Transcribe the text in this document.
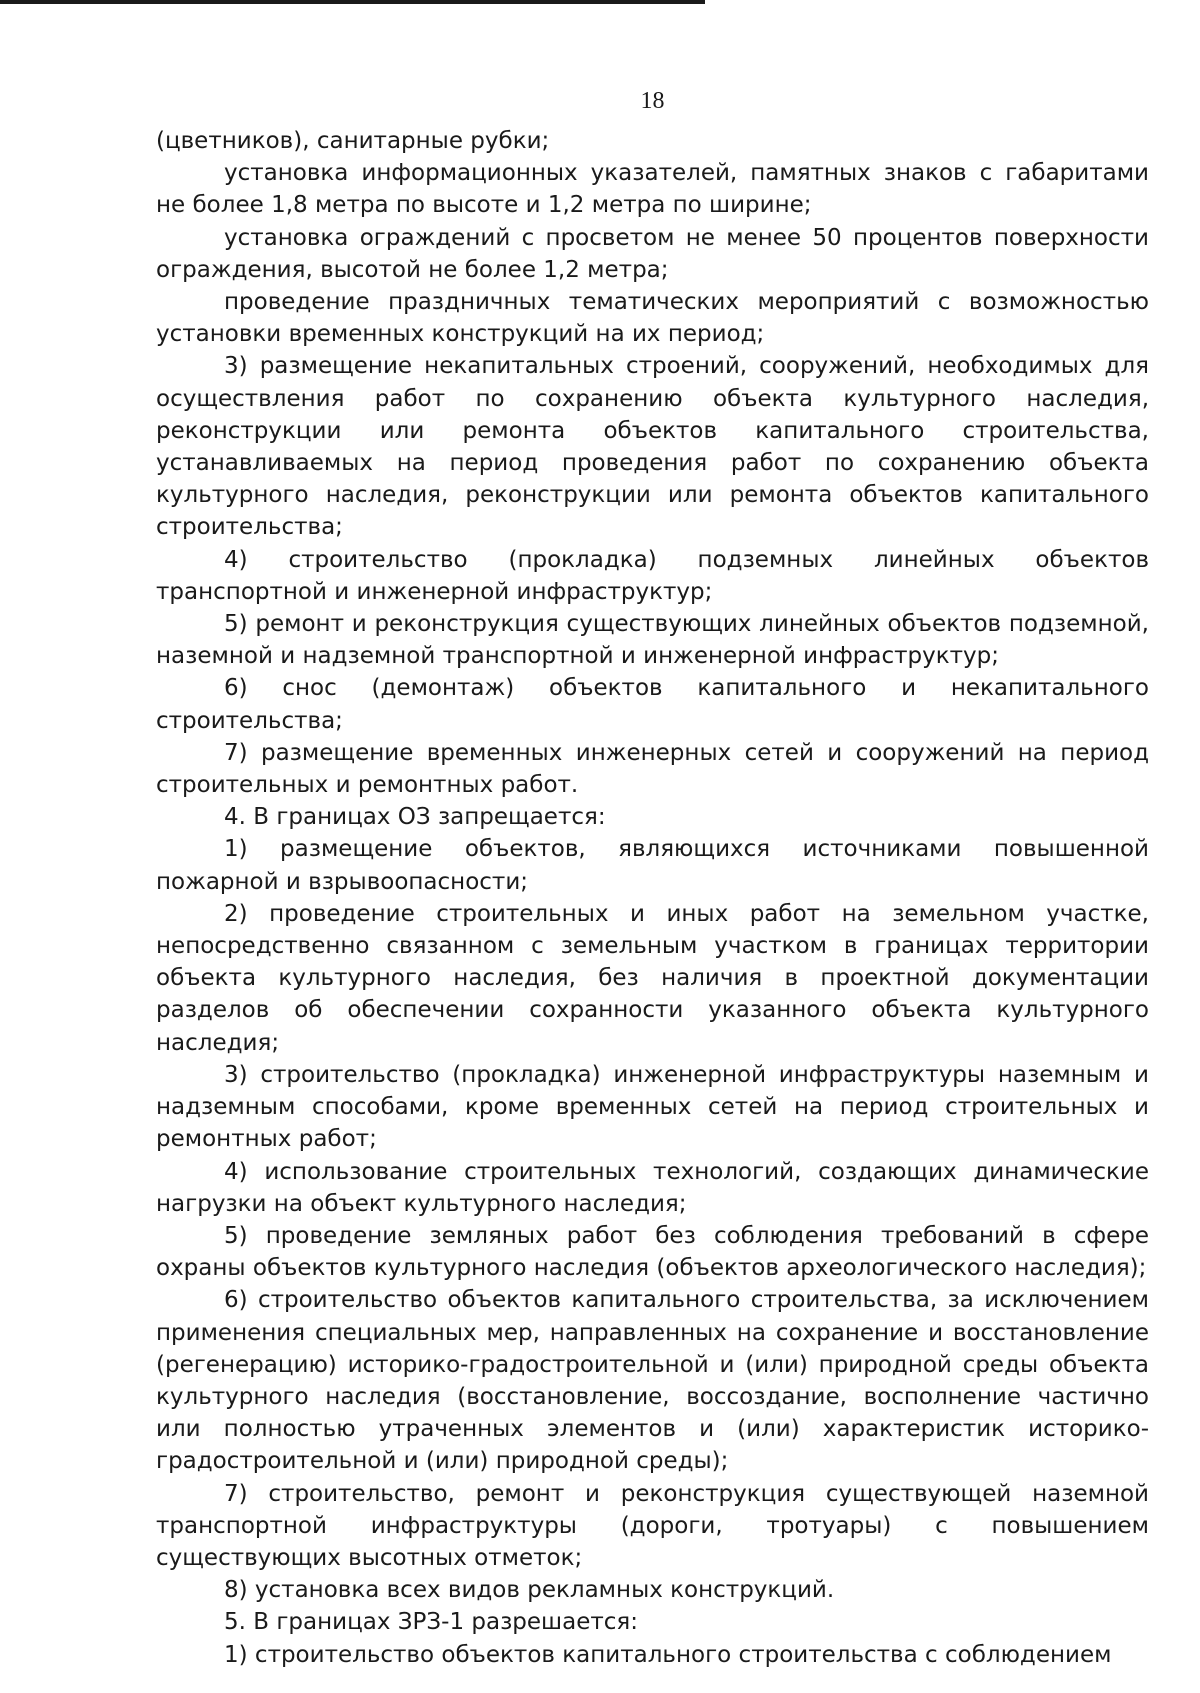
18

(цветников), санитарные рубки;

установка информационных указателей, памятных знаков с габаритами не более 1,8 метра по высоте и 1,2 метра по ширине;

установка ограждений с просветом не менее 50 процентов поверхности ограждения, высотой не более 1,2 метра;

проведение праздничных тематических мероприятий с возможностью установки временных конструкций на их период;

3) размещение некапитальных строений, сооружений, необходимых для осуществления работ по сохранению объекта культурного наследия, реконструкции или ремонта объектов капитального строительства, устанавливаемых на период проведения работ по сохранению объекта культурного наследия, реконструкции или ремонта объектов капитального строительства;

4) строительство (прокладка) подземных линейных объектов транспортной и инженерной инфраструктур;

5) ремонт и реконструкция существующих линейных объектов подземной, наземной и надземной транспортной и инженерной инфраструктур;

6) снос (демонтаж) объектов капитального и некапитального строительства;

7) размещение временных инженерных сетей и сооружений на период строительных и ремонтных работ.

4. В границах ОЗ запрещается:

1) размещение объектов, являющихся источниками повышенной пожарной и взрывоопасности;

2) проведение строительных и иных работ на земельном участке, непосредственно связанном с земельным участком в границах территории объекта культурного наследия, без наличия в проектной документации разделов об обеспечении сохранности указанного объекта культурного наследия;

3) строительство (прокладка) инженерной инфраструктуры наземным и надземным способами, кроме временных сетей на период строительных и ремонтных работ;

4) использование строительных технологий, создающих динамические нагрузки на объект культурного наследия;

5) проведение земляных работ без соблюдения требований в сфере охраны объектов культурного наследия (объектов археологического наследия);

6) строительство объектов капитального строительства, за исключением применения специальных мер, направленных на сохранение и восстановление (регенерацию) историко-градостроительной и (или) природной среды объекта культурного наследия (восстановление, воссоздание, восполнение частично или полностью утраченных элементов и (или) характеристик историко-градостроительной и (или) природной среды);

7) строительство, ремонт и реконструкция существующей наземной транспортной инфраструктуры (дороги, тротуары) с повышением существующих высотных отметок;

8) установка всех видов рекламных конструкций.

5. В границах ЗРЗ-1 разрешается:

1) строительство объектов капитального строительства с соблюдением
